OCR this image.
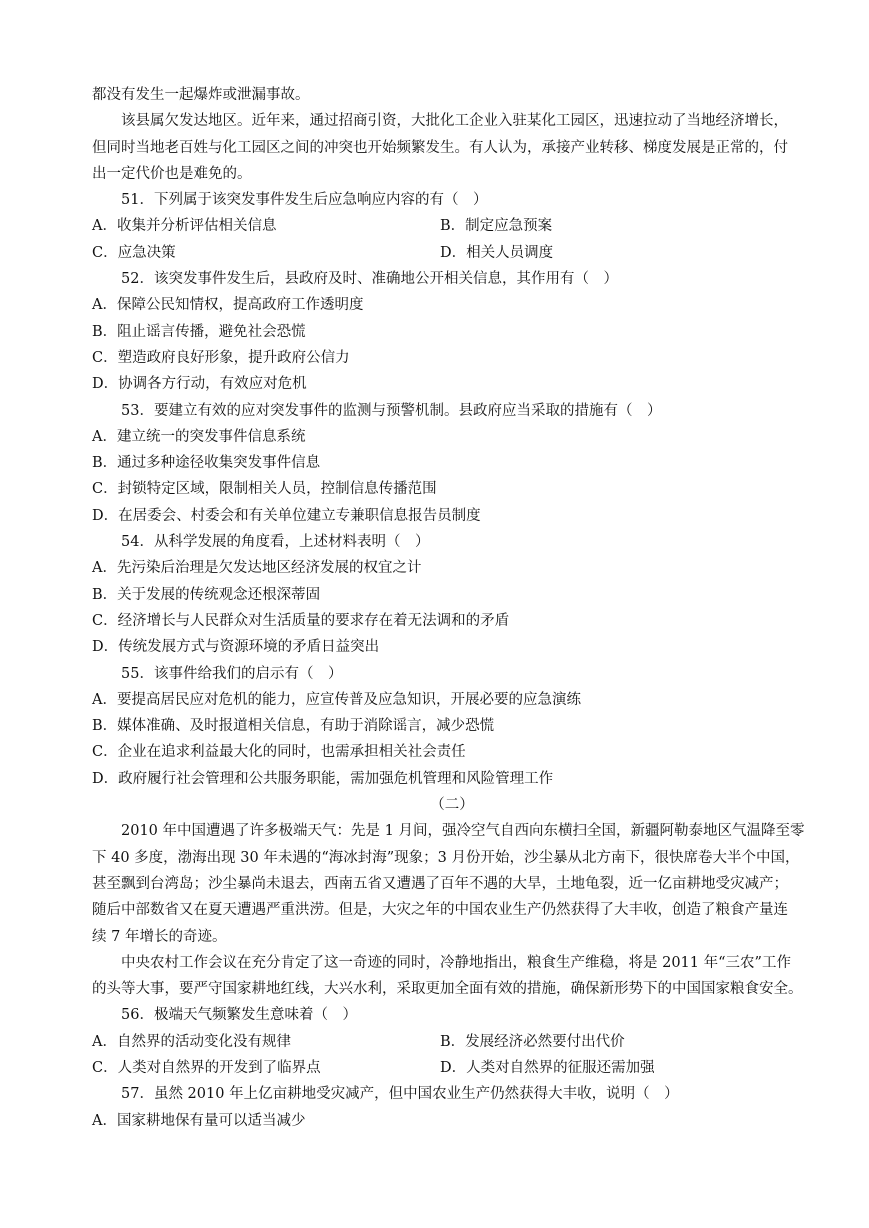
都没有发生一起爆炸或泄漏事故。
该县属欠发达地区。近年来，通过招商引资，大批化工企业入驻某化工园区，迅速拉动了当地经济增长，
但同时当地老百姓与化工园区之间的冲突也开始频繁发生。有人认为，承接产业转移、梯度发展是正常的，付
出一定代价也是难免的。
51．下列属于该突发事件发生后应急响应内容的有（　）
A．收集并分析评估相关信息	B．制定应急预案
C．应急决策	D．相关人员调度
52．该突发事件发生后，县政府及时、准确地公开相关信息，其作用有（　）
A．保障公民知情权，提高政府工作透明度
B．阻止谣言传播，避免社会恐慌
C．塑造政府良好形象，提升政府公信力
D．协调各方行动，有效应对危机
53．要建立有效的应对突发事件的监测与预警机制。县政府应当采取的措施有（　）
A．建立统一的突发事件信息系统
B．通过多种途径收集突发事件信息
C．封锁特定区域，限制相关人员，控制信息传播范围
D．在居委会、村委会和有关单位建立专兼职信息报告员制度
54．从科学发展的角度看，上述材料表明（　）
A．先污染后治理是欠发达地区经济发展的权宜之计
B．关于发展的传统观念还根深蒂固
C．经济增长与人民群众对生活质量的要求存在着无法调和的矛盾
D．传统发展方式与资源环境的矛盾日益突出
55．该事件给我们的启示有（　）
A．要提高居民应对危机的能力，应宣传普及应急知识，开展必要的应急演练
B．媒体准确、及时报道相关信息，有助于消除谣言，减少恐慌
C．企业在追求利益最大化的同时，也需承担相关社会责任
D．政府履行社会管理和公共服务职能，需加强危机管理和风险管理工作
（二）
2010 年中国遭遇了许多极端天气：先是 1 月间，强冷空气自西向东横扫全国，新疆阿勒泰地区气温降至零
下 40 多度，渤海出现 30 年未遇的“海冰封海”现象；3 月份开始，沙尘暴从北方南下，很快席卷大半个中国，
甚至飘到台湾岛；沙尘暴尚未退去，西南五省又遭遇了百年不遇的大旱，土地龟裂，近一亿亩耕地受灾减产；
随后中部数省又在夏天遭遇严重洪涝。但是，大灾之年的中国农业生产仍然获得了大丰收，创造了粮食产量连
续 7 年增长的奇迹。
中央农村工作会议在充分肯定了这一奇迹的同时，冷静地指出，粮食生产维稳，将是 2011 年“三农”工作
的头等大事，要严守国家耕地红线，大兴水利，采取更加全面有效的措施，确保新形势下的中国国家粮食安全。
56．极端天气频繁发生意味着（　）
A．自然界的活动变化没有规律	B．发展经济必然要付出代价
C．人类对自然界的开发到了临界点	D．人类对自然界的征服还需加强
57．虽然 2010 年上亿亩耕地受灾减产，但中国农业生产仍然获得大丰收，说明（　）
A．国家耕地保有量可以适当减少
